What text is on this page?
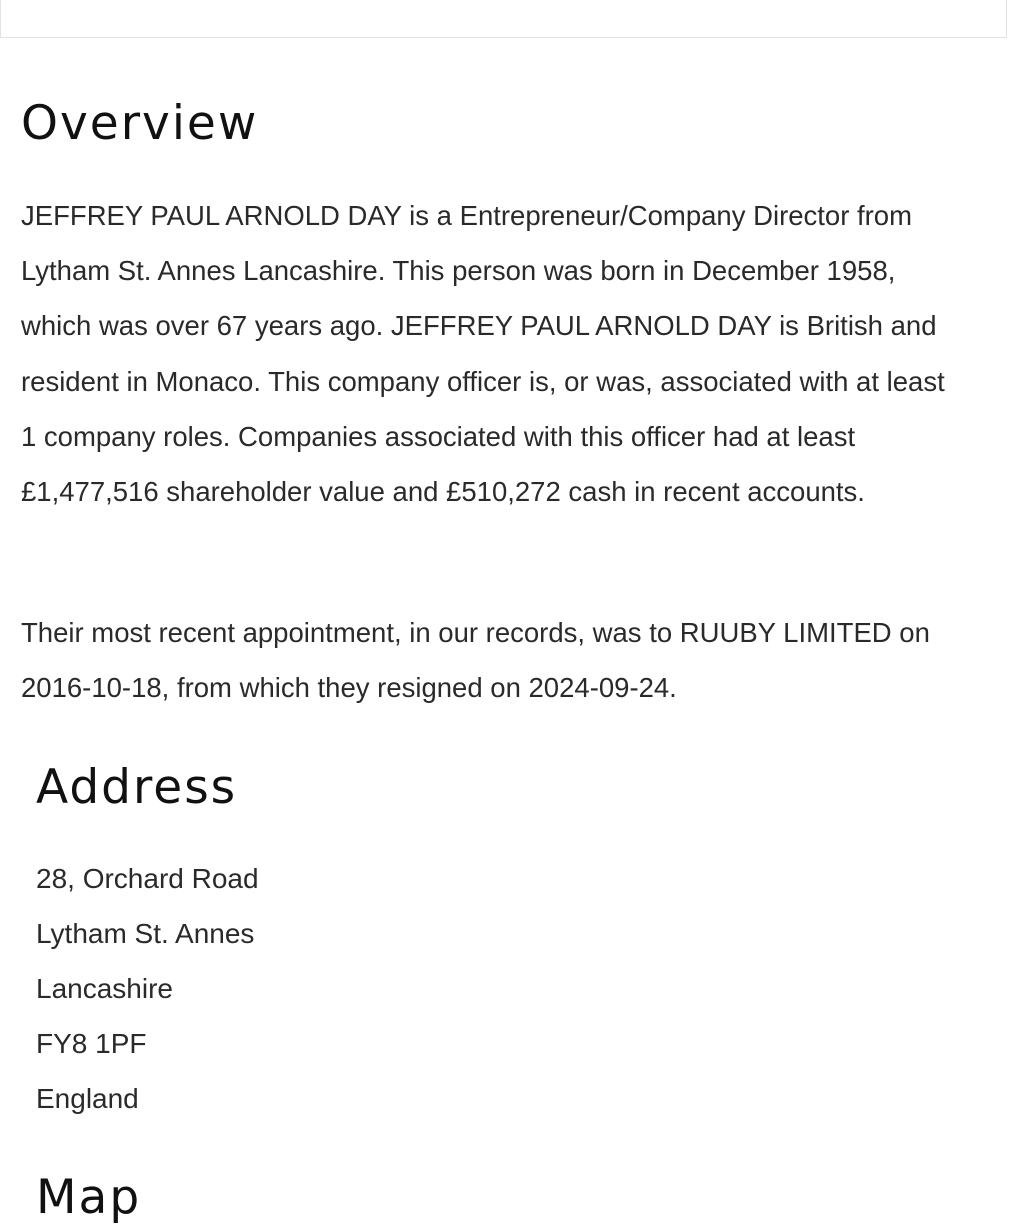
Overview

JEFFREY PAUL ARNOLD DAY is a Entrepreneur/Company Director from Lytham St. Annes Lancashire. This person was born in December 1958, which was over 67 years ago. JEFFREY PAUL ARNOLD DAY is British and resident in Monaco. This company officer is, or was, associated with at least 1 company roles. Companies associated with this officer had at least £1,477,516 shareholder value and £510,272 cash in recent accounts.

Their most recent appointment, in our records, was to RUUBY LIMITED on 2016-10-18, from which they resigned on 2024-09-24.

Address
28, Orchard Road
Lytham St. Annes
Lancashire
FY8 1PF
England
Map
